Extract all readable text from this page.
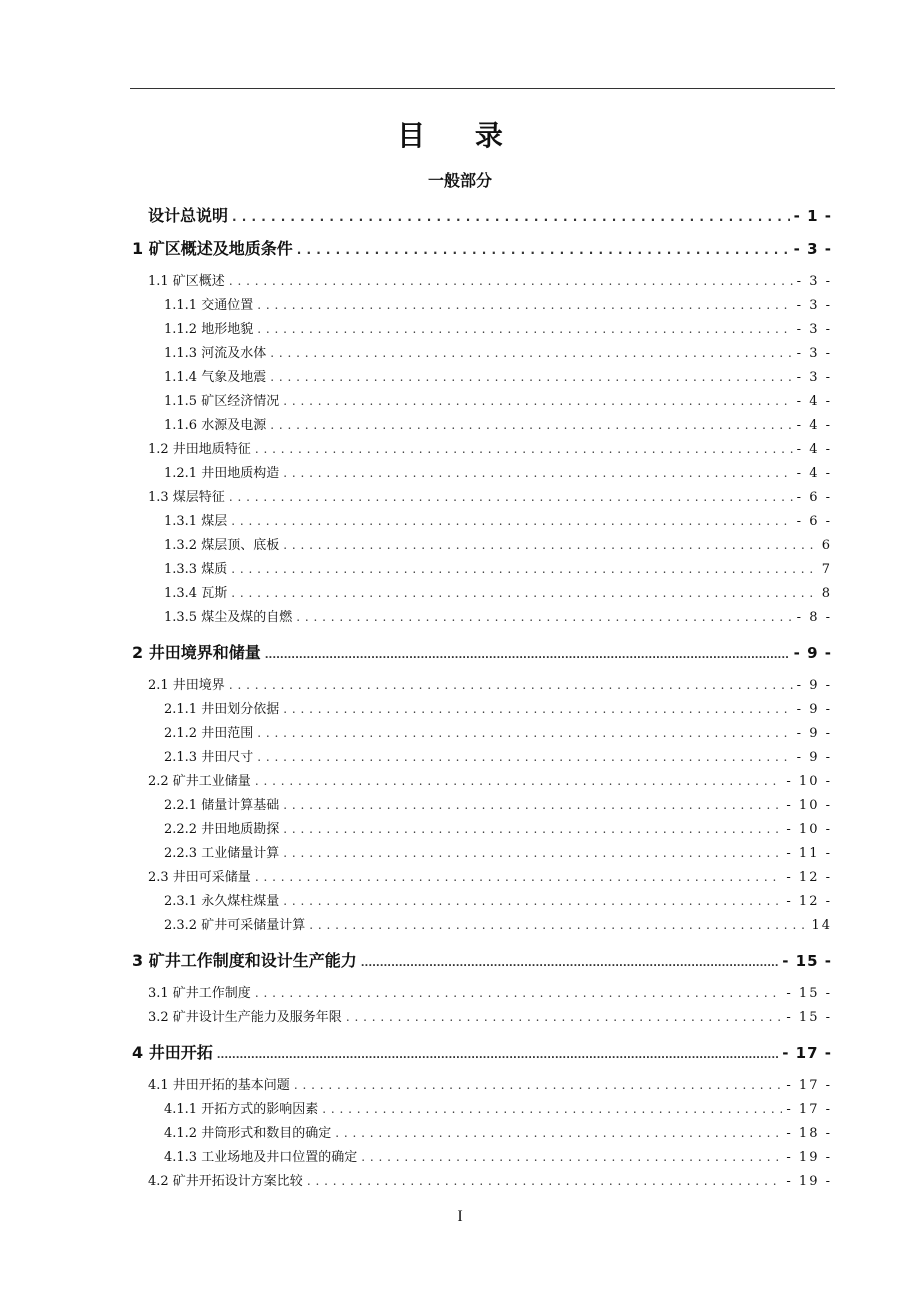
目 录
一般部分
设计总说明 . . .	- 1 -
1 矿区概述及地质条件 . . .	- 3 -
1.1 矿区概述 . . .	- 3 -
1.1.1 交通位置 . . .	- 3 -
1.1.2 地形地貌 . . .	- 3 -
1.1.3 河流及水体 . . .	- 3 -
1.1.4 气象及地震 . . .	- 3 -
1.1.5 矿区经济情况 . . .	- 4 -
1.1.6 水源及电源 . . .	- 4 -
1.2 井田地质特征 . . .	- 4 -
1.2.1 井田地质构造 . . .	- 4 -
1.3 煤层特征 . . .	- 6 -
1.3.1 煤层 . . .	- 6 -
1.3.2 煤层顶、底板 . . .	6
1.3.3 煤质 . . .	7
1.3.4 瓦斯 . . .	8
1.3.5 煤尘及煤的自燃 . . .	- 8 -
2 井田境界和储量 .....	- 9 -
2.1 井田境界 . . .	- 9 -
2.1.1 井田划分依据 . . .	- 9 -
2.1.2 井田范围 . . .	- 9 -
2.1.3 井田尺寸 . . .	- 9 -
2.2 矿井工业储量 . . .	- 10 -
2.2.1 储量计算基础 . . .	- 10 -
2.2.2 井田地质勘探 . . .	- 10 -
2.2.3 工业储量计算 . . .	- 11 -
2.3 井田可采储量 . . .	- 12 -
2.3.1 永久煤柱煤量 . . .	- 12 -
2.3.2 矿井可采储量计算 . . .	14
3 矿井工作制度和设计生产能力 .....	- 15 -
3.1 矿井工作制度 . . .	- 15 -
3.2 矿井设计生产能力及服务年限 . . .	- 15 -
4 井田开拓 .....	- 17 -
4.1 井田开拓的基本问题 . . .	- 17 -
4.1.1 开拓方式的影响因素 . . .	- 17 -
4.1.2 井筒形式和数目的确定 . . .	- 18 -
4.1.3 工业场地及井口位置的确定 . . .	- 19 -
4.2 矿井开拓设计方案比较 . . .	- 19 -
I
